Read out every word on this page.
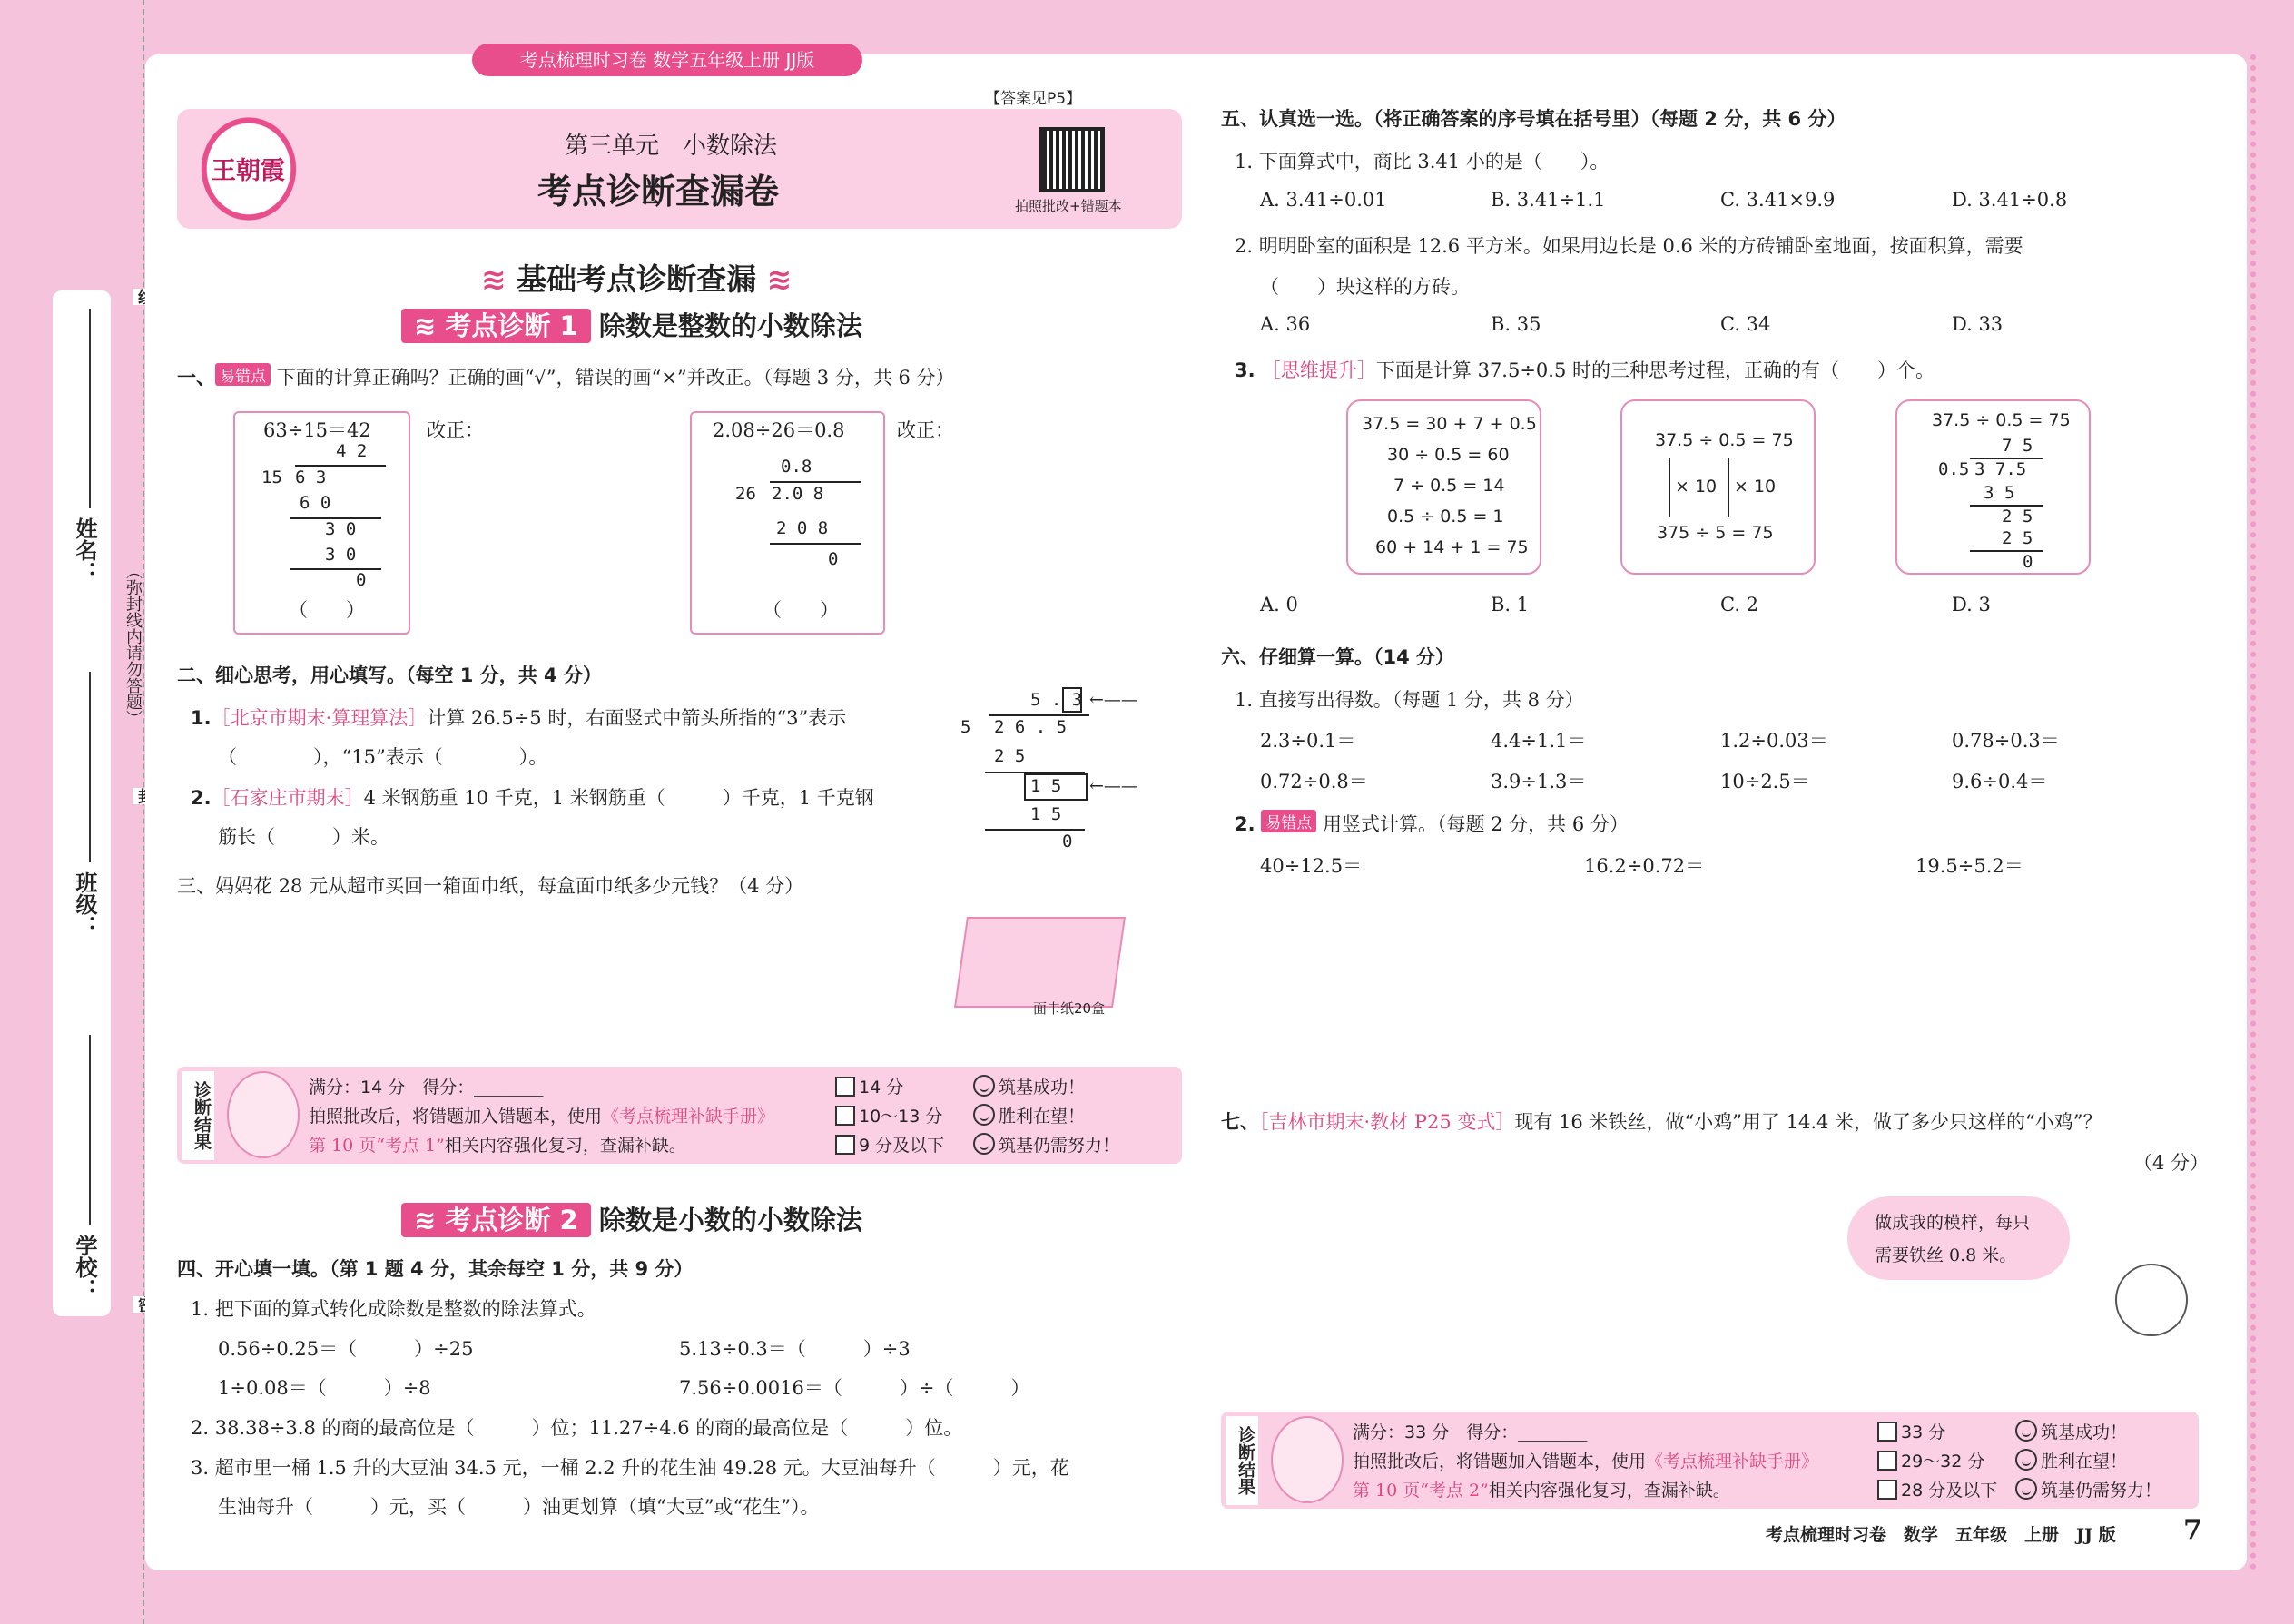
姓名：
班级：
学校：
（弥封线内请勿答题）
考点梳理时习卷 数学五年级上册 JJ版
【答案见P5】
王朝霞
第三单元　小数除法
考点诊断查漏卷	拍照批改+错题本
≋ 基础考点诊断查漏 ≋
≋ 考点诊断 1 除数是整数的小数除法
一、 易错点 下面的计算正确吗？正确的画“√”，错误的画“×”并改正。（每题 3 分，共 6 分）
63÷15＝42	改正：
4 2
15 6 3
6 0
3 0
3 0
0
（　　）
2.08÷26＝0.8	改正：
0.8
26 2.0 8
2 0 8
0
（　　）
二、细心思考，用心填写。（每空 1 分，共 4 分）
1.［北京市期末·算理算法］计算 26.5÷5 时，右面竖式中箭头所指的“3”表示
（　　　　），“15”表示（　　　　）。
2.［石家庄市期末］4 米钢筋重 10 千克，1 米钢筋重（　　　）千克，1 千克钢
筋长（　　　）米。
5 . 3 ←——
5 2 6 . 5
2 5
1 5 ←——
1 5
0
三、妈妈花 28 元从超市买回一箱面巾纸，每盒面巾纸多少元钱？（4 分）
面巾纸20盒
诊断结果	满分：14 分　得分：________
拍照批改后，将错题加入错题本，使用《考点梳理补缺手册》
第 10 页“考点 1”相关内容强化复习，查漏补缺。
14 分
10～13 分
9 分及以下
筑基成功！
胜利在望！
筑基仍需努力！
≋ 考点诊断 2 除数是小数的小数除法
四、开心填一填。（第 1 题 4 分，其余每空 1 分，共 9 分）
1. 把下面的算式转化成除数是整数的除法算式。
0.56÷0.25＝（　　　）÷25	5.13÷0.3＝（　　　）÷3
1÷0.08＝（　　　）÷8	7.56÷0.0016＝（　　　）÷（　　　）
2. 38.38÷3.8 的商的最高位是（　　　）位；11.27÷4.6 的商的最高位是（　　　）位。
3. 超市里一桶 1.5 升的大豆油 34.5 元，一桶 2.2 升的花生油 49.28 元。大豆油每升（　　　）元，花
生油每升（　　　）元，买（　　　）油更划算（填“大豆”或“花生”）。
五、认真选一选。（将正确答案的序号填在括号里）（每题 2 分，共 6 分）
1. 下面算式中，商比 3.41 小的是（　　）。
A. 3.41÷0.01	B. 3.41÷1.1	C. 3.41×9.9	D. 3.41÷0.8
2. 明明卧室的面积是 12.6 平方米。如果用边长是 0.6 米的方砖铺卧室地面，按面积算，需要
（　　）块这样的方砖。
A. 36	B. 35	C. 34	D. 33
3. ［思维提升］下面是计算 37.5÷0.5 时的三种思考过程，正确的有（　　）个。
37.5 = 30 + 7 + 0.5
30 ÷ 0.5 = 60
7 ÷ 0.5 = 14
0.5 ÷ 0.5 = 1
60 + 14 + 1 = 75
37.5 ÷ 0.5 = 75
× 10 × 10
375 ÷ 5 = 75
37.5 ÷ 0.5 = 75
7 5
0.5 3 7.5
3 5
2 5
2 5
0
A. 0	B. 1	C. 2	D. 3
六、仔细算一算。（14 分）
1. 直接写出得数。（每题 1 分，共 8 分）
2.3÷0.1＝	4.4÷1.1＝	1.2÷0.03＝	0.78÷0.3＝
0.72÷0.8＝	3.9÷1.3＝	10÷2.5＝	9.6÷0.4＝
2. 易错点 用竖式计算。（每题 2 分，共 6 分）
40÷12.5＝	16.2÷0.72＝	19.5÷5.2＝
七、［吉林市期末·教材 P25 变式］现有 16 米铁丝，做“小鸡”用了 14.4 米，做了多少只这样的“小鸡”？
（4 分）
做成我的模样，每只
需要铁丝 0.8 米。
诊断结果	满分：33 分　得分：________
拍照批改后，将错题加入错题本，使用《考点梳理补缺手册》
第 10 页“考点 2”相关内容强化复习，查漏补缺。
33 分
29～32 分
28 分及以下
筑基成功！
胜利在望！
筑基仍需努力！
考点梳理时习卷　数学　五年级　上册　JJ 版 7
